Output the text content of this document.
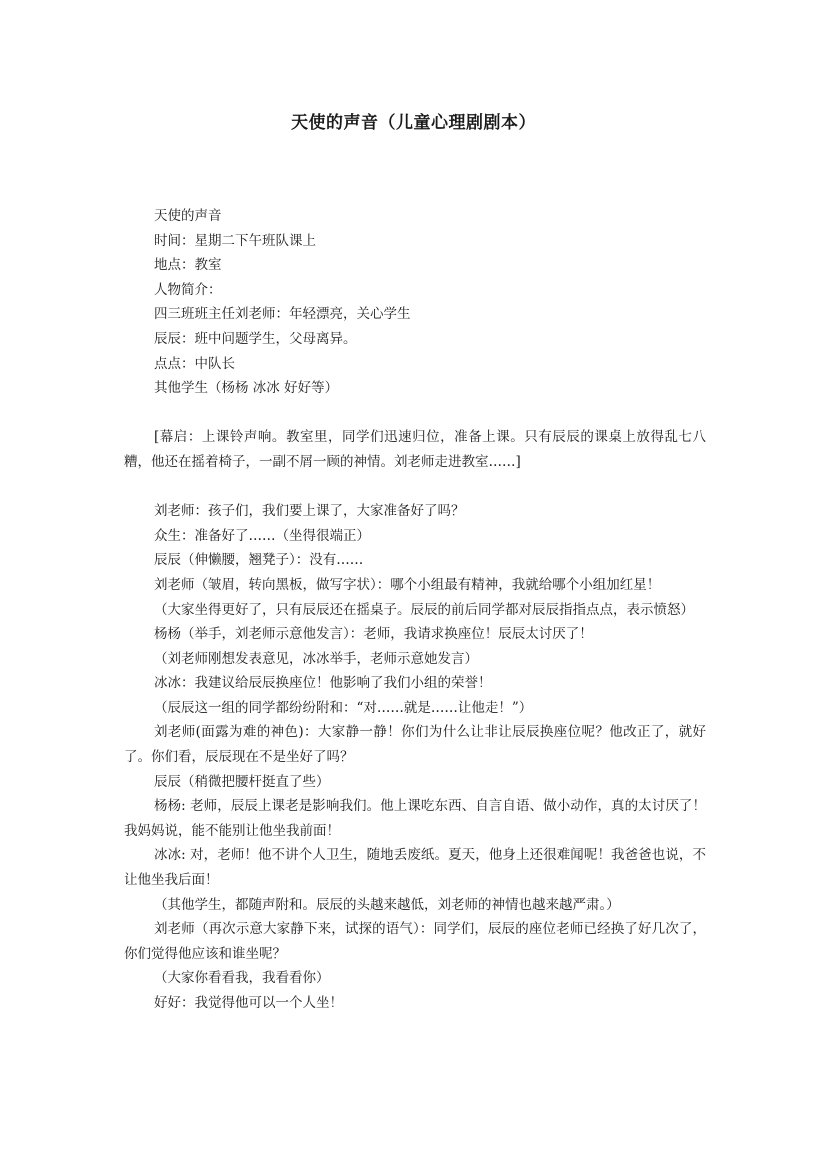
天使的声音（儿童心理剧剧本）

天使的声音

时间：星期二下午班队课上

地点：教室

人物简介：

四三班班主任刘老师：年轻漂亮，关心学生

辰辰：班中问题学生，父母离异。

点点：中队长

其他学生（杨杨 冰冰 好好等）

[幕启：上课铃声响。教室里，同学们迅速归位，准备上课。只有辰辰的课桌上放得乱七八糟，他还在摇着椅子，一副不屑一顾的神情。刘老师走进教室……]

刘老师：孩子们，我们要上课了，大家准备好了吗？

众生：准备好了……（坐得很端正）

辰辰（伸懒腰，翘凳子）：没有……

刘老师（皱眉，转向黑板，做写字状）：哪个小组最有精神，我就给哪个小组加红星！

（大家坐得更好了，只有辰辰还在摇桌子。辰辰的前后同学都对辰辰指指点点，表示愤怒）

杨杨（举手，刘老师示意他发言）：老师，我请求换座位！辰辰太讨厌了！

（刘老师刚想发表意见，冰冰举手，老师示意她发言）

冰冰：我建议给辰辰换座位！他影响了我们小组的荣誉！

（辰辰这一组的同学都纷纷附和：“对……就是……让他走！”）

刘老师(面露为难的神色)：大家静一静！你们为什么让非让辰辰换座位呢？他改正了，就好了。你们看，辰辰现在不是坐好了吗？

辰辰（稍微把腰杆挺直了些）

杨杨: 老师，辰辰上课老是影响我们。他上课吃东西、自言自语、做小动作，真的太讨厌了！我妈妈说，能不能别让他坐我前面！

冰冰: 对，老师！他不讲个人卫生，随地丢废纸。夏天，他身上还很难闻呢！我爸爸也说，不让他坐我后面！

（其他学生，都随声附和。辰辰的头越来越低，刘老师的神情也越来越严肃。）

刘老师（再次示意大家静下来，试探的语气）：同学们，辰辰的座位老师已经换了好几次了，你们觉得他应该和谁坐呢？

（大家你看看我，我看看你）

好好：我觉得他可以一个人坐！
